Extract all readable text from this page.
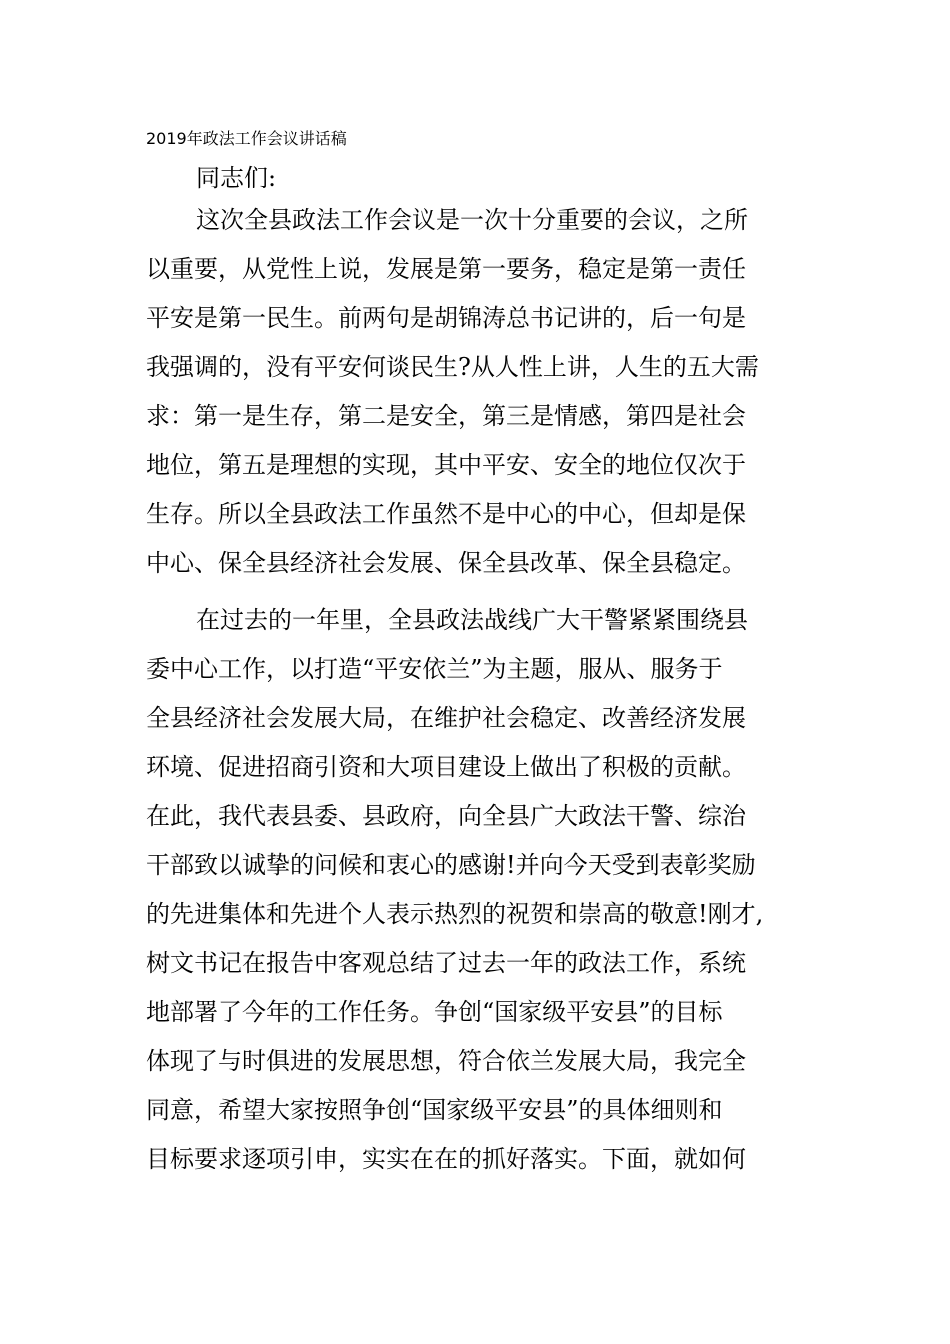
2019年政法工作会议讲话稿
同志们:
这次全县政法工作会议是一次十分重要的会议，之所
以重要，从党性上说，发展是第一要务，稳定是第一责任
平安是第一民生。前两句是胡锦涛总书记讲的，后一句是
我强调的，没有平安何谈民生?从人性上讲，人生的五大需
求：第一是生存，第二是安全，第三是情感，第四是社会
地位，第五是理想的实现，其中平安、安全的地位仅次于
生存。所以全县政法工作虽然不是中心的中心，但却是保
中心、保全县经济社会发展、保全县改革、保全县稳定。
在过去的一年里，全县政法战线广大干警紧紧围绕县
委中心工作，以打造“平安依兰”为主题，服从、服务于
全县经济社会发展大局，在维护社会稳定、改善经济发展
环境、促进招商引资和大项目建设上做出了积极的贡献。
在此，我代表县委、县政府，向全县广大政法干警、综治
干部致以诚挚的问候和衷心的感谢!并向今天受到表彰奖励
的先进集体和先进个人表示热烈的祝贺和崇高的敬意!刚才,
树文书记在报告中客观总结了过去一年的政法工作，系统
地部署了今年的工作任务。争创“国家级平安县”的目标
体现了与时俱进的发展思想，符合依兰发展大局，我完全
同意，希望大家按照争创“国家级平安县”的具体细则和
目标要求逐项引申，实实在在的抓好落实。下面，就如何
